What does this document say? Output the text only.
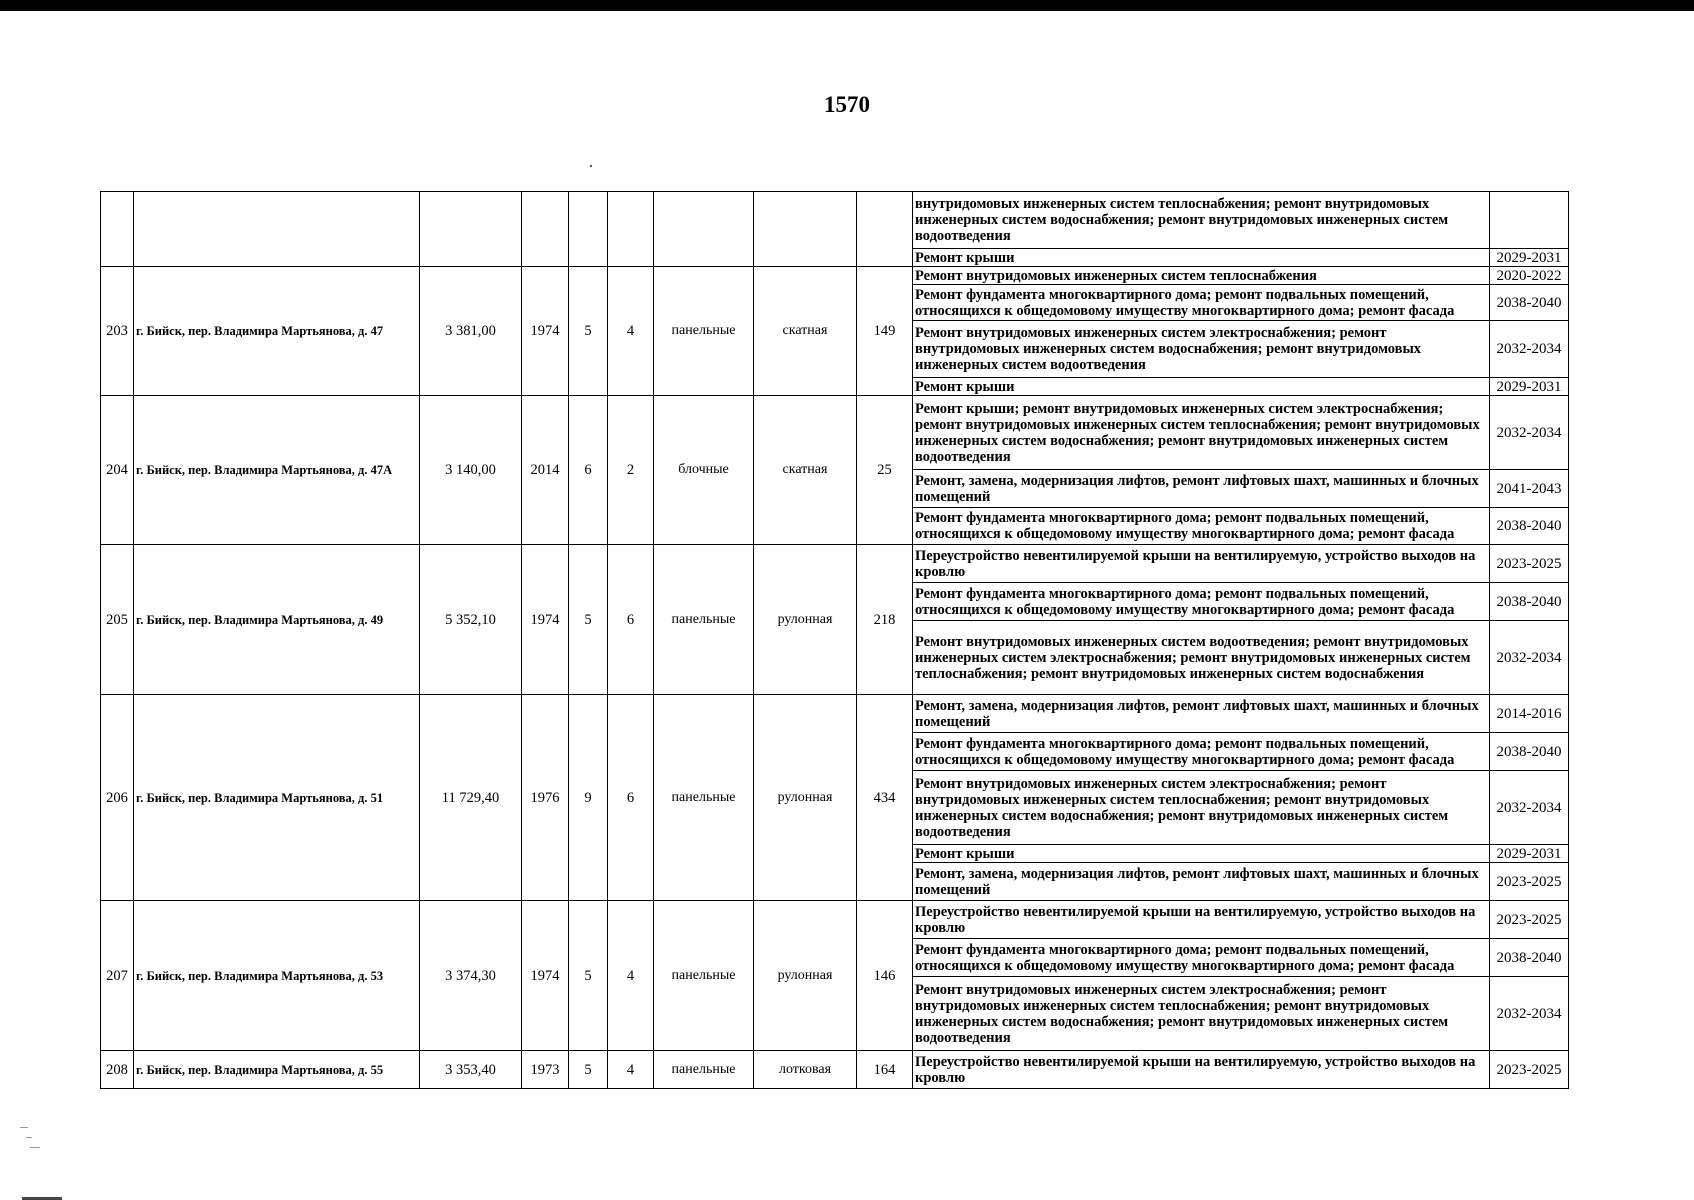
1570
									внутридомовых инженерных систем теплоснабжения; ремонт внутридомовых инженерных систем водоснабжения; ремонт внутридомовых инженерных систем водоотведения	
									Ремонт крыши	2029-2031
203	г. Бийск, пер. Владимира Мартьянова, д. 47	3 381,00	1974	5	4	панельные	скатная	149	Ремонт внутридомовых инженерных систем теплоснабжения	2020-2022
									Ремонт фундамента многоквартирного дома; ремонт подвальных помещений, относящихся к общедомовому имуществу многоквартирного дома; ремонт фасада	2038-2040
									Ремонт внутридомовых инженерных систем электроснабжения; ремонт внутридомовых инженерных систем водоснабжения; ремонт внутридомовых инженерных систем водоотведения	2032-2034
									Ремонт крыши	2029-2031
204	г. Бийск, пер. Владимира Мартьянова, д. 47А	3 140,00	2014	6	2	блочные	скатная	25	Ремонт крыши; ремонт внутридомовых инженерных систем электроснабжения; ремонт внутридомовых инженерных систем теплоснабжения; ремонт внутридомовых инженерных систем водоснабжения; ремонт внутридомовых инженерных систем водоотведения	2032-2034
									Ремонт, замена, модернизация лифтов, ремонт лифтовых шахт, машинных и блочных помещений	2041-2043
									Ремонт фундамента многоквартирного дома; ремонт подвальных помещений, относящихся к общедомовому имуществу многоквартирного дома; ремонт фасада	2038-2040
205	г. Бийск, пер. Владимира Мартьянова, д. 49	5 352,10	1974	5	6	панельные	рулонная	218	Переустройство невентилируемой крыши на вентилируемую, устройство выходов на кровлю	2023-2025
									Ремонт фундамента многоквартирного дома; ремонт подвальных помещений, относящихся к общедомовому имуществу многоквартирного дома; ремонт фасада	2038-2040
									Ремонт внутридомовых инженерных систем водоотведения; ремонт внутридомовых инженерных систем электроснабжения; ремонт внутридомовых инженерных систем теплоснабжения; ремонт внутридомовых инженерных систем водоснабжения	2032-2034
206	г. Бийск, пер. Владимира Мартьянова, д. 51	11 729,40	1976	9	6	панельные	рулонная	434	Ремонт, замена, модернизация лифтов, ремонт лифтовых шахт, машинных и блочных помещений	2014-2016
									Ремонт фундамента многоквартирного дома; ремонт подвальных помещений, относящихся к общедомовому имуществу многоквартирного дома; ремонт фасада	2038-2040
									Ремонт внутридомовых инженерных систем электроснабжения; ремонт внутридомовых инженерных систем теплоснабжения; ремонт внутридомовых инженерных систем водоснабжения; ремонт внутридомовых инженерных систем водоотведения	2032-2034
									Ремонт крыши	2029-2031
									Ремонт, замена, модернизация лифтов, ремонт лифтовых шахт, машинных и блочных помещений	2023-2025
207	г. Бийск, пер. Владимира Мартьянова, д. 53	3 374,30	1974	5	4	панельные	рулонная	146	Переустройство невентилируемой крыши на вентилируемую, устройство выходов на кровлю	2023-2025
									Ремонт фундамента многоквартирного дома; ремонт подвальных помещений, относящихся к общедомовому имуществу многоквартирного дома; ремонт фасада	2038-2040
									Ремонт внутридомовых инженерных систем электроснабжения; ремонт внутридомовых инженерных систем теплоснабжения; ремонт внутридомовых инженерных систем водоснабжения; ремонт внутридомовых инженерных систем водоотведения	2032-2034
208	г. Бийск, пер. Владимира Мартьянова, д. 55	3 353,40	1973	5	4	панельные	лотковая	164	Переустройство невентилируемой крыши на вентилируемую, устройство выходов на кровлю	2023-2025
